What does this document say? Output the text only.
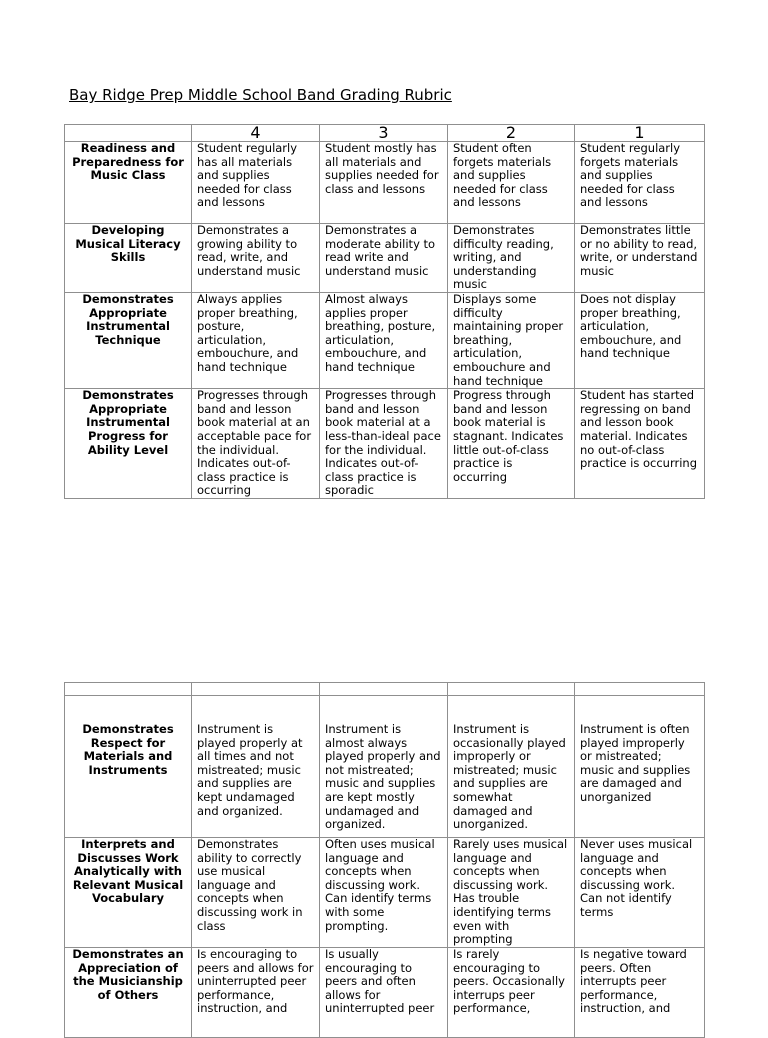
Bay Ridge Prep Middle School Band Grading Rubric
	4	3	2	1
Readiness and Preparedness for Music Class	Student regularly has all materials and supplies needed for class and lessons	Student mostly has all materials and supplies needed for class and lessons	Student often forgets materials and supplies needed for class and lessons	Student regularly forgets materials and supplies needed for class and lessons
Developing Musical Literacy Skills	Demonstrates a growing ability to read, write, and understand music	Demonstrates a moderate ability to read write and understand music	Demonstrates difficulty reading, writing, and understanding music	Demonstrates little or no ability to read, write, or understand music
Demonstrates Appropriate Instrumental Technique	Always applies proper breathing, posture, articulation, embouchure, and hand technique	Almost always applies proper breathing, posture, articulation, embouchure, and hand technique	Displays some difficulty maintaining proper breathing, articulation, embouchure and hand technique	Does not display proper breathing, articulation, embouchure, and hand technique
Demonstrates Appropriate Instrumental Progress for Ability Level	Progresses through band and lesson book material at an acceptable pace for the individual. Indicates out-of-class practice is occurring	Progresses through band and lesson book material at a less-than-ideal pace for the individual. Indicates out-of-class practice is sporadic	Progress through band and lesson book material is stagnant. Indicates little out-of-class practice is occurring	Student has started regressing on band and lesson book material. Indicates no out-of-class practice is occurring

Demonstrates Respect for Materials and Instruments	Instrument is played properly at all times and not mistreated; music and supplies are kept undamaged and organized.	Instrument is almost always played properly and not mistreated; music and supplies are kept mostly undamaged and organized.	Instrument is occasionally played improperly or mistreated; music and supplies are somewhat damaged and unorganized.	Instrument is often played improperly or mistreated; music and supplies are damaged and unorganized
Interprets and Discusses Work Analytically with Relevant Musical Vocabulary	Demonstrates ability to correctly use musical language and concepts when discussing work in class	Often uses musical language and concepts when discussing work. Can identify terms with some prompting.	Rarely uses musical language and concepts when discussing work. Has trouble identifying terms even with prompting	Never uses musical language and concepts when discussing work. Can not identify terms
Demonstrates an Appreciation of the Musicianship of Others	Is encouraging to peers and allows for uninterrupted peer performance, instruction, and	Is usually encouraging to peers and often allows for uninterrupted peer	Is rarely encouraging to peers. Occasionally interrups peer performance,	Is negative toward peers. Often interrupts peer performance, instruction, and
